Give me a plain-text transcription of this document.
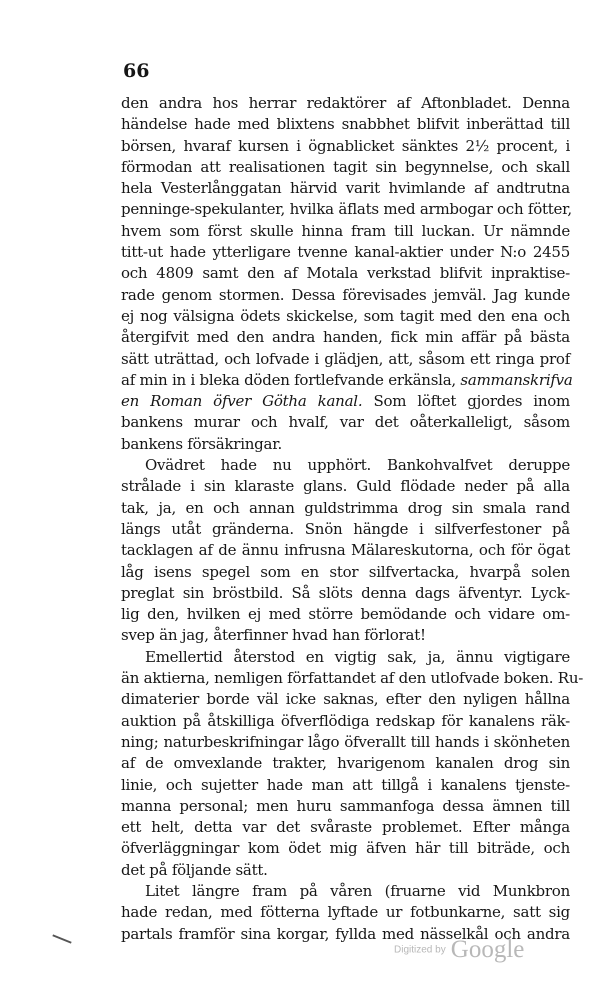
66
den andra hos herrar redaktörer af Aftonbladet. Denna
händelse hade med blixtens snabbhet blifvit inberättad till
börsen, hvaraf kursen i ögnablicket sänktes 2½ procent, i
förmodan att realisationen tagit sin begynnelse, och skall
hela Vesterlånggatan härvid varit hvimlande af andtrutna
penninge-spekulanter, hvilka äflats med armbogar och fötter,
hvem som först skulle hinna fram till luckan. Ur nämnde
titt-ut hade ytterligare tvenne kanal-aktier under N:o 2455
och 4809 samt den af Motala verkstad blifvit inpraktise-
rade genom stormen. Dessa förevisades jemväl. Jag kunde
ej nog välsigna ödets skickelse, som tagit med den ena och
återgifvit med den andra handen, fick min affär på bästa
sätt uträttad, och lofvade i glädjen, att, såsom ett ringa prof
af min in i bleka döden fortlefvande erkänsla, sammanskrifva
en Roman öfver Götha kanal. Som löftet gjordes inom
bankens murar och hvalf, var det oåterkalleligt, såsom
bankens försäkringar.
Ovädret hade nu upphört. Bankohvalfvet deruppe
strålade i sin klaraste glans. Guld flödade neder på alla
tak, ja, en och annan guldstrimma drog sin smala rand
längs utåt gränderna. Snön hängde i silfverfestoner på
tacklagen af de ännu infrusna Mälareskutorna, och för ögat
låg isens spegel som en stor silfvertacka, hvarpå solen
preglat sin bröstbild. Så slöts denna dags äfventyr. Lyck-
lig den, hvilken ej med större bemödande och vidare om-
svep än jag, återfinner hvad han förlorat!
Emellertid återstod en vigtig sak, ja, ännu vigtigare
än aktierna, nemligen författandet af den utlofvade boken. Ru-
dimaterier borde väl icke saknas, efter den nyligen hållna
auktion på åtskilliga öfverflödiga redskap för kanalens räk-
ning; naturbeskrifningar lågo öfverallt till hands i skönheten
af de omvexlande trakter, hvarigenom kanalen drog sin
linie, och sujetter hade man att tillgå i kanalens tjenste-
manna personal; men huru sammanfoga dessa ämnen till
ett helt, detta var det svåraste problemet. Efter många
öfverläggningar kom ödet mig äfven här till biträde, och
det på följande sätt.
Litet längre fram på våren (fruarne vid Munkbron
hade redan, med fötterna lyftade ur fotbunkarne, satt sig
partals framför sina korgar, fyllda med nässelkål och andra
Digitized by Google
